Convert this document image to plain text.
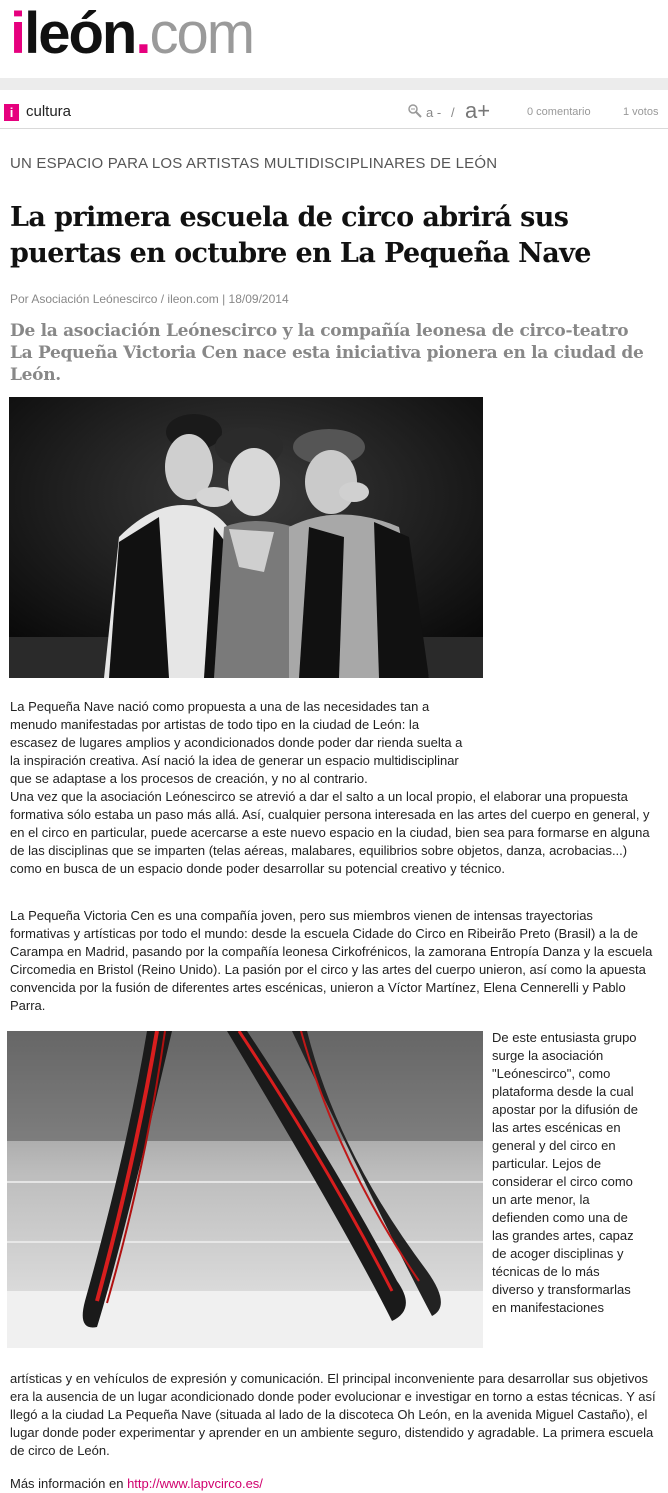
ileón.com
i cultura	a - / a+	0 comentario	1 votos
UN ESPACIO PARA LOS ARTISTAS MULTIDISCIPLINARES DE LEÓN
La primera escuela de circo abrirá sus puertas en octubre en La Pequeña Nave
Por Asociación Leónescirco / ileon.com | 18/09/2014

De la asociación Leónescirco y la compañía leonesa de circo-teatro La Pequeña Victoria Cen nace esta iniciativa pionera en la ciudad de León.

La Pequeña Nave nació como propuesta a una de las necesidades tan a menudo manifestadas por artistas de todo tipo en la ciudad de León: la escasez de lugares amplios y acondicionados donde poder dar rienda suelta a la inspiración creativa. Así nació la idea de generar un espacio multidisciplinar que se adaptase a los procesos de creación, y no al contrario.
Una vez que la asociación Leónescirco se atrevió a dar el salto a un local propio, el elaborar una propuesta formativa sólo estaba un paso más allá. Así, cualquier persona interesada en las artes del cuerpo en general, y en el circo en particular, puede acercarse a este nuevo espacio en la ciudad, bien sea para formarse en alguna de las disciplinas que se imparten (telas aéreas, malabares, equilibrios sobre objetos, danza, acrobacias...) como en busca de un espacio donde poder desarrollar su potencial creativo y técnico.
La Pequeña Victoria Cen es una compañía joven, pero sus miembros vienen de intensas trayectorias formativas y artísticas por todo el mundo: desde la escuela Cidade do Circo en Ribeirão Preto (Brasil) a la de Carampa en Madrid, pasando por la compañía leonesa Cirkofrénicos, la zamorana Entropía Danza y la escuela Circomedia en Bristol (Reino Unido). La pasión por el circo y las artes del cuerpo unieron, así como la apuesta convencida por la fusión de diferentes artes escénicas, unieron a Víctor Martínez, Elena Cennerelli y Pablo Parra.
De este entusiasta grupo surge la asociación "Leónescirco", como plataforma desde la cual apostar por la difusión de las artes escénicas en general y del circo en particular. Lejos de considerar el circo como un arte menor, la defienden como una de las grandes artes, capaz de acoger disciplinas y técnicas de lo más diverso y transformarlas en manifestaciones
artísticas y en vehículos de expresión y comunicación. El principal inconveniente para desarrollar sus objetivos era la ausencia de un lugar acondicionado donde poder evolucionar e investigar en torno a estas técnicas. Y así llegó a la ciudad La Pequeña Nave (situada al lado de la discoteca Oh León, en la avenida Miguel Castaño), el lugar donde poder experimentar y aprender en un ambiente seguro, distendido y agradable. La primera escuela de circo de León.
Más información en http://www.lapvcirco.es/
